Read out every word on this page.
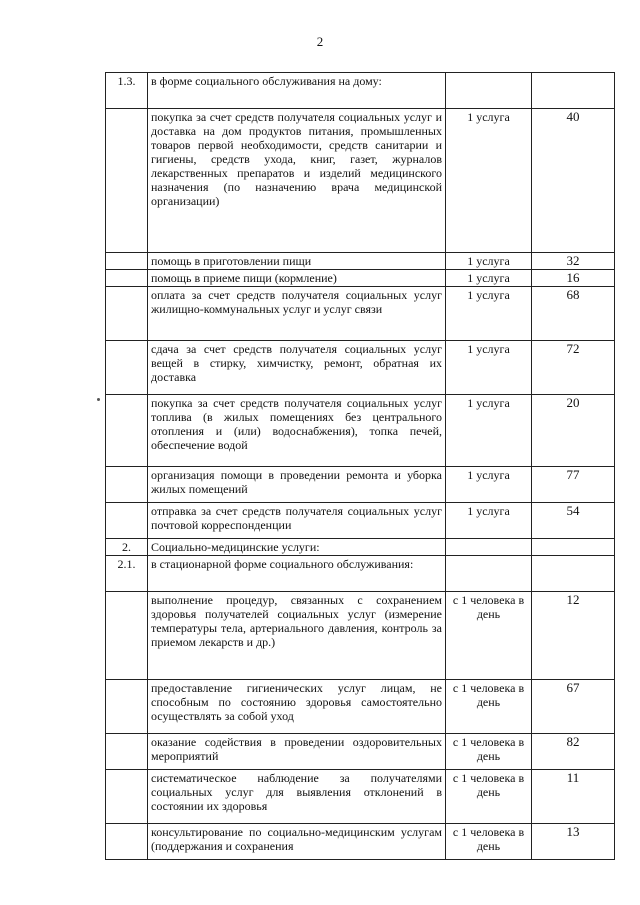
2
1.3.	в форме социального обслуживания на дому:		
	покупка за счет средств получателя социальных услуг и доставка на дом продуктов питания, промышленных товаров первой необходимости, средств санитарии и гигиены, средств ухода, книг, газет, журналов лекарственных препаратов и изделий медицинского назначения (по назначению врача медицинской организации)	1 услуга	40
	помощь в приготовлении пищи	1 услуга	32
	помощь в приеме пищи (кормление)	1 услуга	16
	оплата за счет средств получателя социальных услуг жилищно-коммунальных услуг и услуг связи	1 услуга	68
	сдача за счет средств получателя социальных услуг вещей в стирку, химчистку, ремонт, обратная их доставка	1 услуга	72
	покупка за счет средств получателя социальных услуг топлива (в жилых помещениях без центрального отопления и (или) водоснабжения), топка печей, обеспечение водой	1 услуга	20
	организация помощи в проведении ремонта и уборка жилых помещений	1 услуга	77
	отправка за счет средств получателя социальных услуг почтовой корреспонденции	1 услуга	54
2.	Социально-медицинские услуги:		
2.1.	в стационарной форме социального обслуживания:		
	выполнение процедур, связанных с сохранением здоровья получателей социальных услуг (измерение температуры тела, артериального давления, контроль за приемом лекарств и др.)	с 1 человека в день	12
	предоставление гигиенических услуг лицам, не способным по состоянию здоровья самостоятельно осуществлять за собой уход	с 1 человека в день	67
	оказание содействия в проведении оздоровительных мероприятий	с 1 человека в день	82
	систематическое наблюдение за получателями социальных услуг для выявления отклонений в состоянии их здоровья	с 1 человека в день	11
	консультирование по социально-медицинским услугам (поддержания и сохранения	с 1 человека в день	13
